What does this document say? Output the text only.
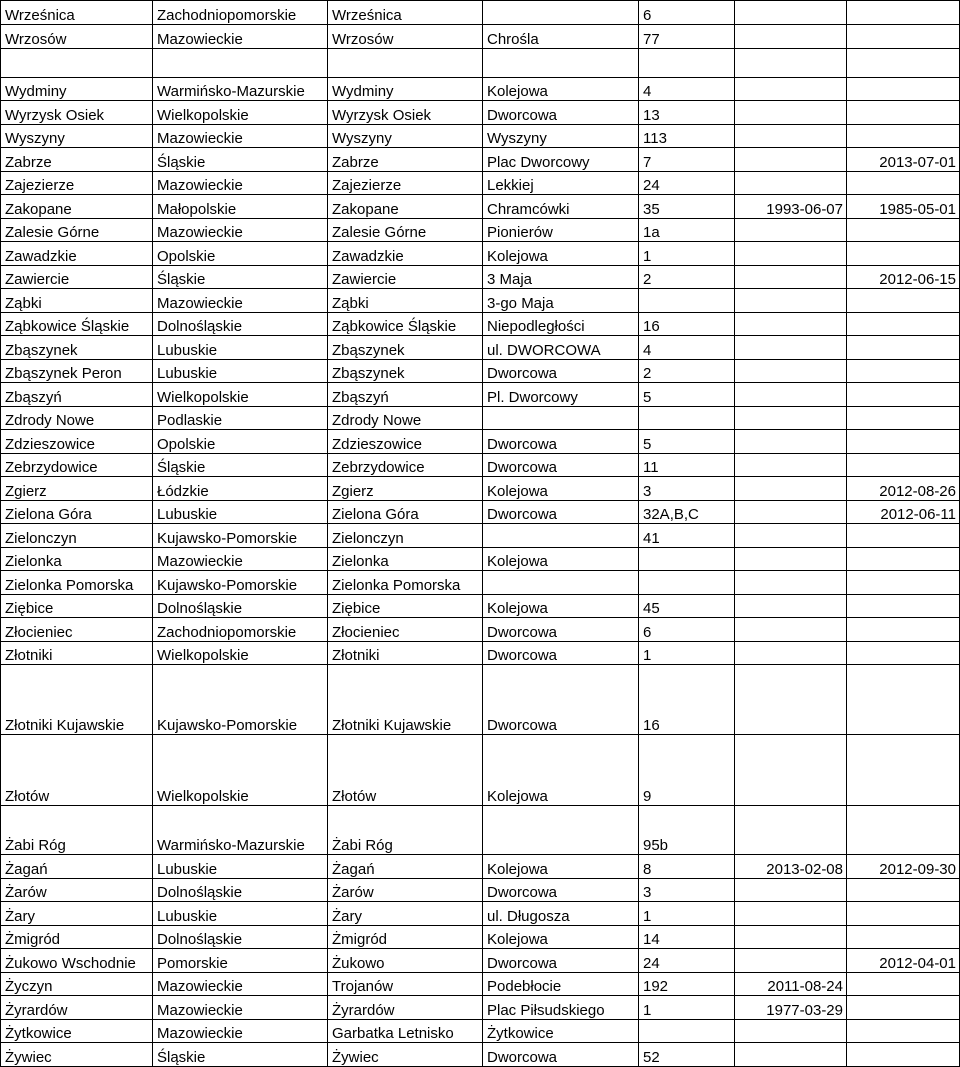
Wrześnica	Zachodniopomorskie	Wrześnica		6		
Wrzosów	Mazowieckie	Wrzosów	Chrośla	77		

Wydminy	Warmińsko-Mazurskie	Wydminy	Kolejowa	4		
Wyrzysk Osiek	Wielkopolskie	Wyrzysk Osiek	Dworcowa	13		
Wyszyny	Mazowieckie	Wyszyny	Wyszyny	113		
Zabrze	Śląskie	Zabrze	Plac Dworcowy	7		2013-07-01
Zajezierze	Mazowieckie	Zajezierze	Lekkiej	24		
Zakopane	Małopolskie	Zakopane	Chramcówki	35	1993-06-07	1985-05-01
Zalesie Górne	Mazowieckie	Zalesie Górne	Pionierów	1a		
Zawadzkie	Opolskie	Zawadzkie	Kolejowa	1		
Zawiercie	Śląskie	Zawiercie	3 Maja	2		2012-06-15
Ząbki	Mazowieckie	Ząbki	3-go Maja			
Ząbkowice Śląskie	Dolnośląskie	Ząbkowice Śląskie	Niepodległości	16		
Zbąszynek	Lubuskie	Zbąszynek	ul. DWORCOWA	4		
Zbąszynek Peron	Lubuskie	Zbąszynek	Dworcowa	2		
Zbąszyń	Wielkopolskie	Zbąszyń	Pl. Dworcowy	5		
Zdrody Nowe	Podlaskie	Zdrody Nowe				
Zdzieszowice	Opolskie	Zdzieszowice	Dworcowa	5		
Zebrzydowice	Śląskie	Zebrzydowice	Dworcowa	11		
Zgierz	Łódzkie	Zgierz	Kolejowa	3		2012-08-26
Zielona Góra	Lubuskie	Zielona Góra	Dworcowa	32A,B,C		2012-06-11
Zielonczyn	Kujawsko-Pomorskie	Zielonczyn		41		
Zielonka	Mazowieckie	Zielonka	Kolejowa			
Zielonka Pomorska	Kujawsko-Pomorskie	Zielonka Pomorska				
Ziębice	Dolnośląskie	Ziębice	Kolejowa	45		
Złocieniec	Zachodniopomorskie	Złocieniec	Dworcowa	6		
Złotniki	Wielkopolskie	Złotniki	Dworcowa	1		
Złotniki Kujawskie	Kujawsko-Pomorskie	Złotniki Kujawskie	Dworcowa	16		
Złotów	Wielkopolskie	Złotów	Kolejowa	9		
Żabi Róg	Warmińsko-Mazurskie	Żabi Róg		95b		
Żagań	Lubuskie	Żagań	Kolejowa	8	2013-02-08	2012-09-30
Żarów	Dolnośląskie	Żarów	Dworcowa	3		
Żary	Lubuskie	Żary	ul. Długosza	1		
Żmigród	Dolnośląskie	Żmigród	Kolejowa	14		
Żukowo Wschodnie	Pomorskie	Żukowo	Dworcowa	24		2012-04-01
Życzyn	Mazowieckie	Trojanów	Podebłocie	192	2011-08-24	
Żyrardów	Mazowieckie	Żyrardów	Plac Piłsudskiego	1	1977-03-29	
Żytkowice	Mazowieckie	Garbatka Letnisko	Żytkowice			
Żywiec	Śląskie	Żywiec	Dworcowa	52		
